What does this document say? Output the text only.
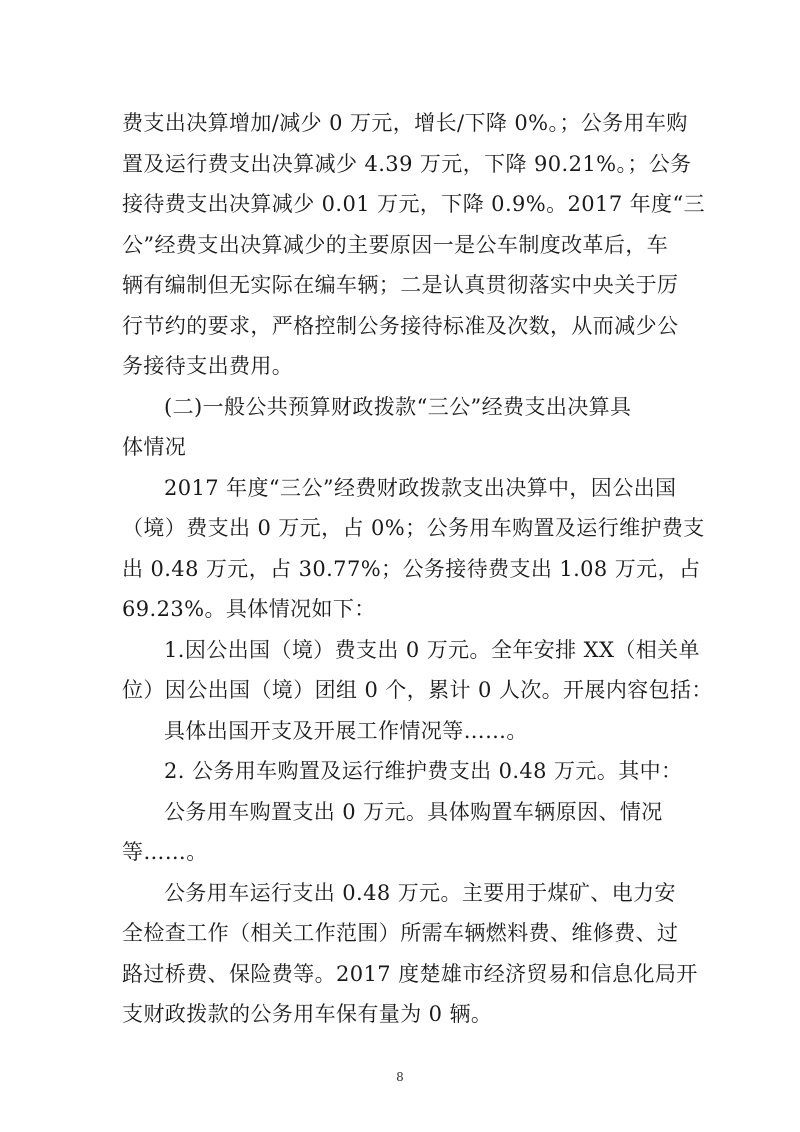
费支出决算增加/减少 0 万元，增长/下降 0%。；公务用车购
置及运行费支出决算减少 4.39 万元，下降 90.21%。；公务
接待费支出决算减少 0.01 万元，下降 0.9%。2017 年度“三
公”经费支出决算减少的主要原因一是公车制度改革后，车
辆有编制但无实际在编车辆；二是认真贯彻落实中央关于厉
行节约的要求，严格控制公务接待标准及次数，从而减少公
务接待支出费用。
(二)一般公共预算财政拨款“三公”经费支出决算具
体情况
2017 年度“三公”经费财政拨款支出决算中，因公出国
（境）费支出 0 万元，占 0%；公务用车购置及运行维护费支
出 0.48 万元，占 30.77%；公务接待费支出 1.08 万元，占
69.23%。具体情况如下：
1.因公出国（境）费支出 0 万元。全年安排 XX（相关单
位）因公出国（境）团组 0 个，累计 0 人次。开展内容包括：
具体出国开支及开展工作情况等……。
2. 公务用车购置及运行维护费支出 0.48 万元。其中：
公务用车购置支出 0 万元。具体购置车辆原因、情况
等……。
公务用车运行支出 0.48 万元。主要用于煤矿、电力安
全检查工作（相关工作范围）所需车辆燃料费、维修费、过
8
路过桥费、保险费等。2017 度楚雄市经济贸易和信息化局开
支财政拨款的公务用车保有量为 0 辆。
